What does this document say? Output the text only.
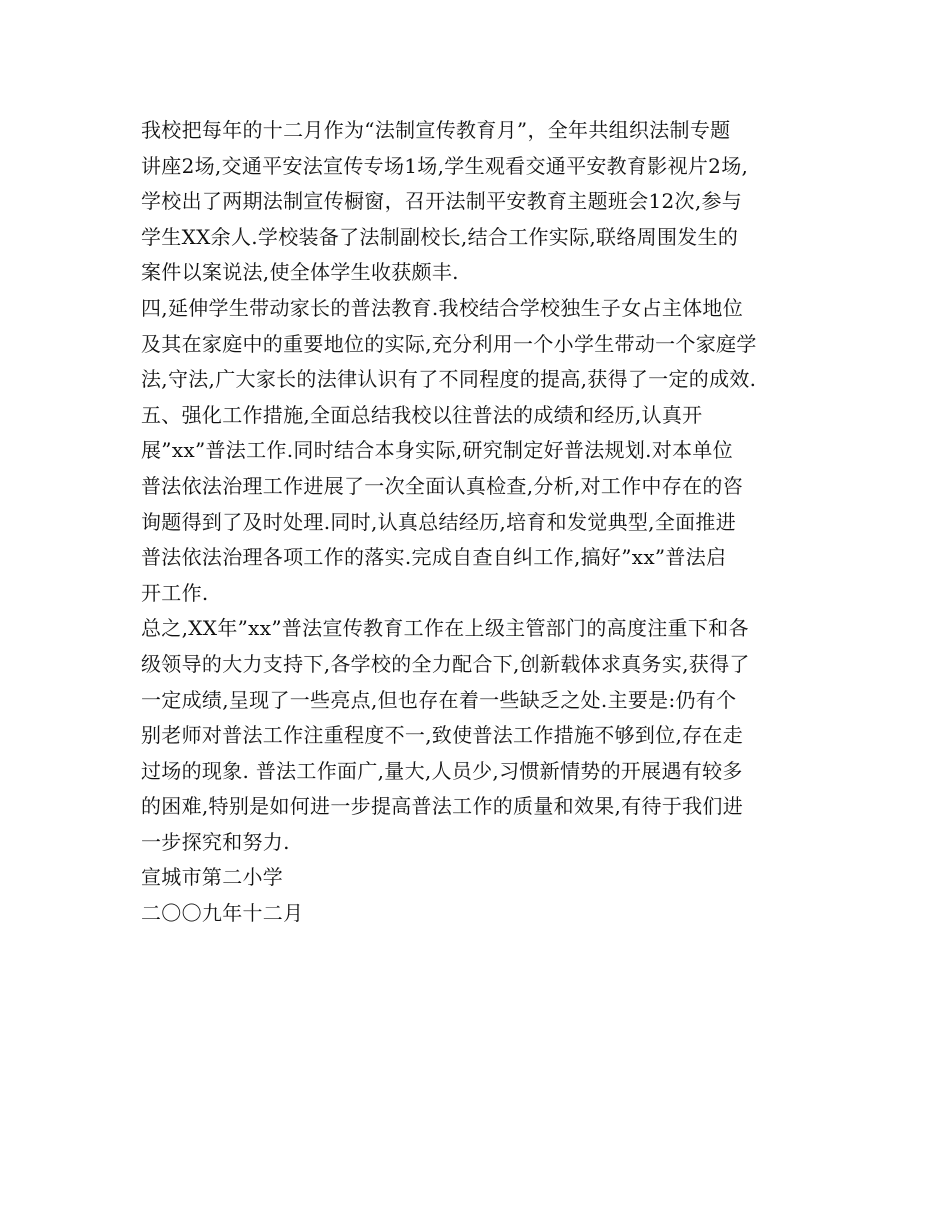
我校把每年的十二月作为“法制宣传教育月”，全年共组织法制专题
讲座2场,交通平安法宣传专场1场,学生观看交通平安教育影视片2场,
学校出了两期法制宣传橱窗，召开法制平安教育主题班会12次,参与
学生XX余人.学校装备了法制副校长,结合工作实际,联络周围发生的
案件以案说法,使全体学生收获颇丰.
四,延伸学生带动家长的普法教育.我校结合学校独生子女占主体地位
及其在家庭中的重要地位的实际,充分利用一个小学生带动一个家庭学
法,守法,广大家长的法律认识有了不同程度的提高,获得了一定的成效.
五、强化工作措施,全面总结我校以往普法的成绩和经历,认真开
展”xx”普法工作.同时结合本身实际,研究制定好普法规划.对本单位
普法依法治理工作进展了一次全面认真检查,分析,对工作中存在的咨
询题得到了及时处理.同时,认真总结经历,培育和发觉典型,全面推进
普法依法治理各项工作的落实.完成自查自纠工作,搞好”xx”普法启
开工作.
总之,XX年”xx”普法宣传教育工作在上级主管部门的高度注重下和各
级领导的大力支持下,各学校的全力配合下,创新载体求真务实,获得了
一定成绩,呈现了一些亮点,但也存在着一些缺乏之处.主要是:仍有个
别老师对普法工作注重程度不一,致使普法工作措施不够到位,存在走
过场的现象. 普法工作面广,量大,人员少,习惯新情势的开展遇有较多
的困难,特别是如何进一步提高普法工作的质量和效果,有待于我们进
一步探究和努力.
宣城市第二小学
二〇〇九年十二月
